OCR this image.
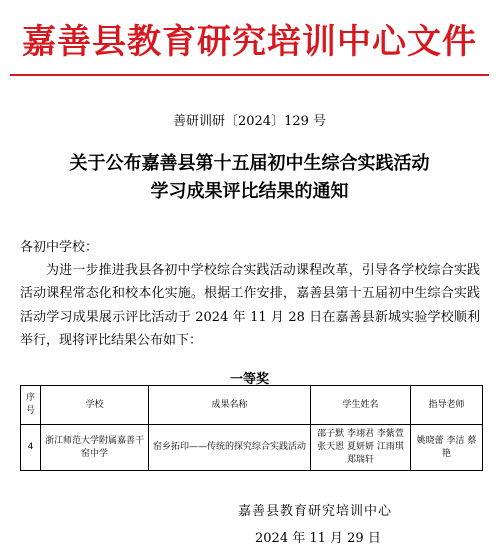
嘉善县教育研究培训中心文件
善研训研〔2024〕129 号
关于公布嘉善县第十五届初中生综合实践活动
学习成果评比结果的通知
各初中学校：

为进一步推进我县各初中学校综合实践活动课程改革，引导各学校综合实践活动课程常态化和校本化实施。根据工作安排，嘉善县第十五届初中生综合实践活动学习成果展示评比活动于 2024 年 11 月 28 日在嘉善县新城实验学校顺利举行，现将评比结果公布如下：

一等奖
序号	学校	成果名称	学生姓名	指导老师
4	浙江师范大学附属嘉善干窑中学	窑乡拓印——传统的探究综合实践活动	邵子默 李翊君 李紫萱 张天恩 夏妍妍 江雨琪 郑瑞轩	姚晓蕾 李洁 蔡艳
嘉善县教育研究培训中心
2024 年 11 月 29 日
